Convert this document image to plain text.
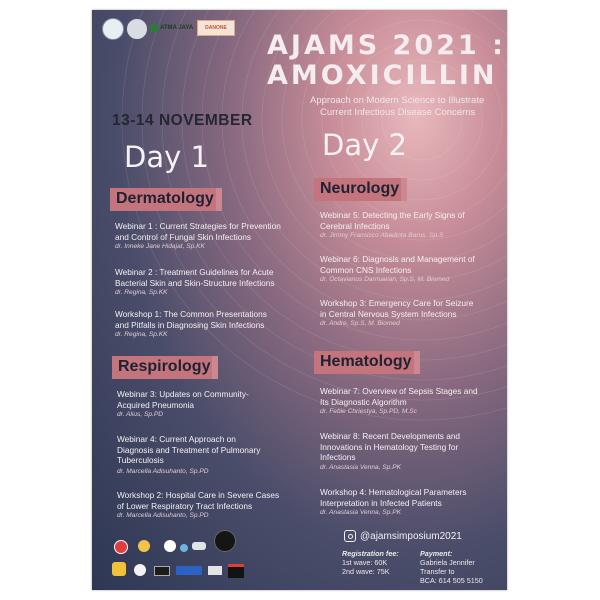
ATMA JAYA	DANONE
AJAMS 2021 :
AMOXICILLIN
Approach on Modern Science to Illustrate
Current Infectious Disease Concerns
13-14 NOVEMBER
Day 1	Day 2
Dermatology
Webinar 1 : Current Strategies for Prevention
and Control of Fungal Skin Infections
dr. Inneke Jane Hidajat, Sp.KK
Webinar 2 : Treatment Guidelines for Acute
Bacterial Skin and Skin-Structure Infections
dr. Regina, Sp.KK
Workshop 1: The Common Presentations
and Pitfalls in Diagnosing Skin Infections
dr. Regina, Sp.KK
Respirology
Webinar 3: Updates on Community-
Acquired Pneumonia
dr. Alius, Sp.PD
Webinar 4: Current Approach on
Diagnosis and Treatment of Pulmonary
Tuberculosis
dr. Marcella Adisuhanto, Sp.PD
Workshop 2: Hospital Care in Severe Cases
of Lower Respiratory Tract Infections
dr. Marcella Adisuhanto, Sp.PD
Neurology
Webinar 5: Detecting the Early Signs of
Cerebral Infections
dr. Jimmy Fransisco Abadinta Barus, Sp.S
Webinar 6: Diagnosis and Management of
Common CNS Infections
dr. Octavianus Darmawan, Sp.S, M. Biomed
Workshop 3: Emergency Care for Seizure
in Central Nervous System Infections
dr. Andre, Sp.S, M. Biomed
Hematology
Webinar 7: Overview of Sepsis Stages and
Its Diagnostic Algorithm
dr. Febie Chriestya, Sp.PD, M.Sc
Webinar 8: Recent Developments and
Innovations in Hematology Testing for
Infections
dr. Anastasia Venna, Sp.PK
Workshop 4: Hematological Parameters
Interpretation in Infected Patients
dr. Anastasia Venna, Sp.PK
@ajamsimposium2021
Registration fee:
1st wave: 60K
2nd wave: 75K
Payment:
Gabriela Jennifer
Transfer to
BCA: 614 505 5150
